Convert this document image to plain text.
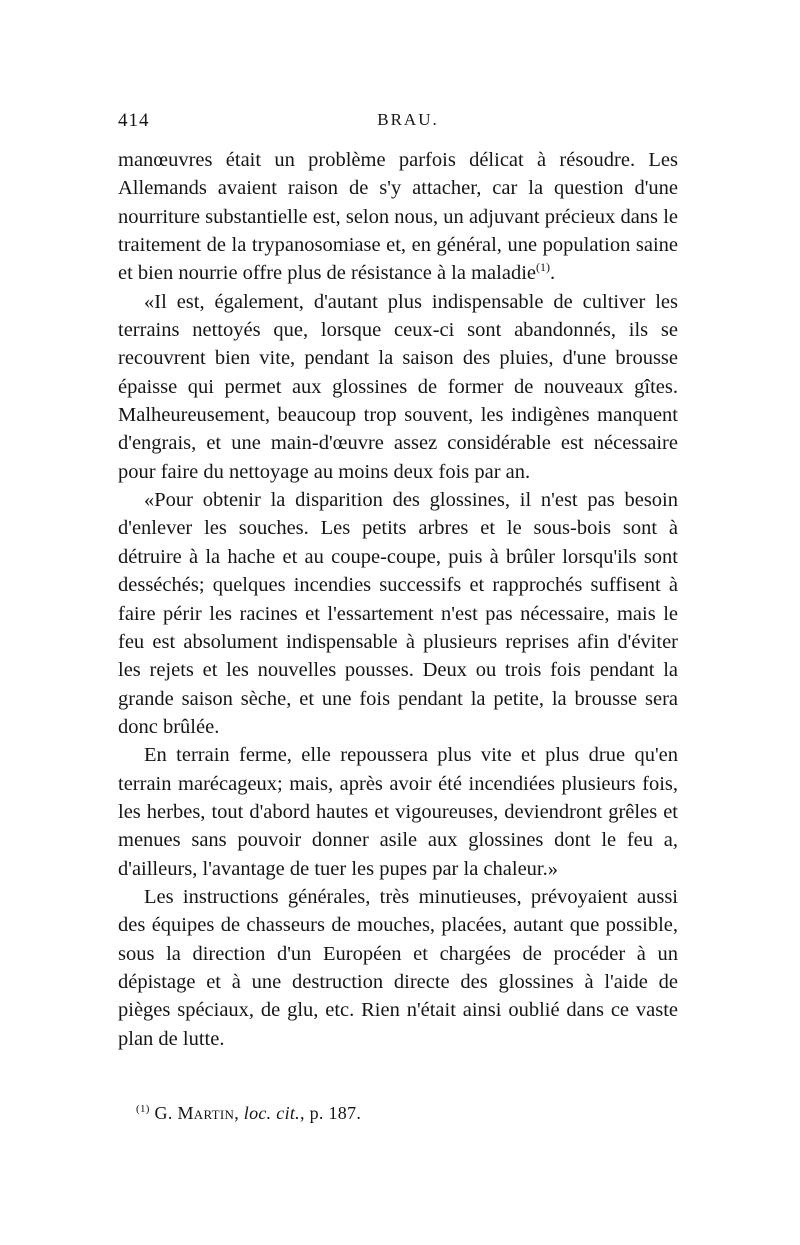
414	BRAU.

manœuvres était un problème parfois délicat à résoudre. Les Allemands avaient raison de s'y attacher, car la question d'une nourriture substantielle est, selon nous, un adjuvant précieux dans le traitement de la trypanosomiase et, en général, une population saine et bien nourrie offre plus de résistance à la maladie$^{(1)}$.

«Il est, également, d'autant plus indispensable de cultiver les terrains nettoyés que, lorsque ceux-ci sont abandonnés, ils se recouvrent bien vite, pendant la saison des pluies, d'une brousse épaisse qui permet aux glossines de former de nouveaux gîtes. Malheureusement, beaucoup trop souvent, les indigènes manquent d'engrais, et une main-d'œuvre assez considérable est nécessaire pour faire du nettoyage au moins deux fois par an.

«Pour obtenir la disparition des glossines, il n'est pas besoin d'enlever les souches. Les petits arbres et le sous-bois sont à détruire à la hache et au coupe-coupe, puis à brûler lorsqu'ils sont desséchés; quelques incendies successifs et rapprochés suffisent à faire périr les racines et l'essartement n'est pas nécessaire, mais le feu est absolument indispensable à plusieurs reprises afin d'éviter les rejets et les nouvelles pousses. Deux ou trois fois pendant la grande saison sèche, et une fois pendant la petite, la brousse sera donc brûlée.

En terrain ferme, elle repoussera plus vite et plus drue qu'en terrain marécageux; mais, après avoir été incendiées plusieurs fois, les herbes, tout d'abord hautes et vigoureuses, deviendront grêles et menues sans pouvoir donner asile aux glossines dont le feu a, d'ailleurs, l'avantage de tuer les pupes par la chaleur.»

Les instructions générales, très minutieuses, prévoyaient aussi des équipes de chasseurs de mouches, placées, autant que possible, sous la direction d'un Européen et chargées de procéder à un dépistage et à une destruction directe des glossines à l'aide de pièges spéciaux, de glu, etc. Rien n'était ainsi oublié dans ce vaste plan de lutte.

$^{(1)}$ G. Martin, loc. cit., p. 187.
